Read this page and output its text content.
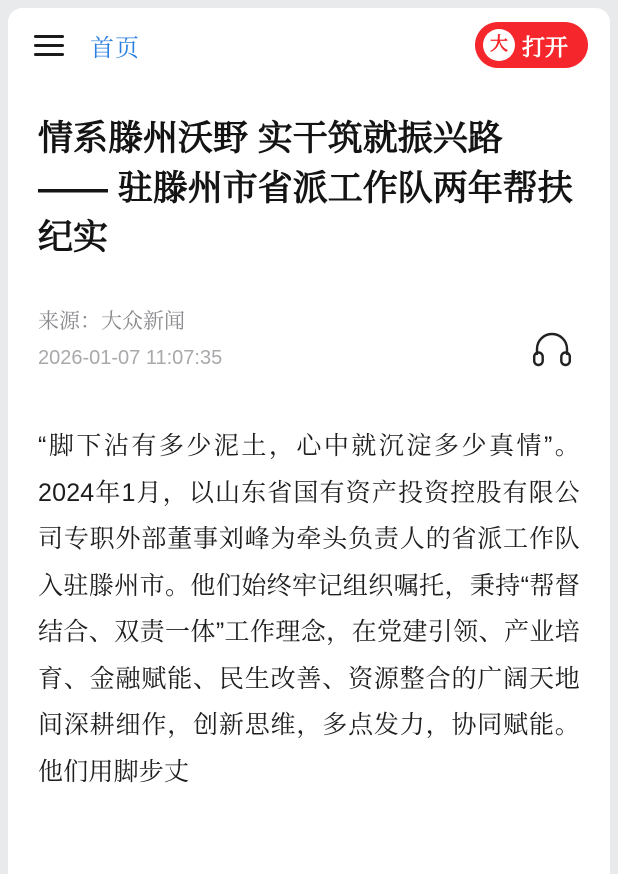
首页	大 打开
情系滕州沃野 实干筑就振兴路 —— 驻滕州市省派工作队两年帮扶纪实
来源：大众新闻
2026-01-07 11:07:35
“脚下沾有多少泥土，心中就沉淀多少真情”。2024年1月，以山东省国有资产投资控股有限公司专职外部董事刘峰为牵头负责人的省派工作队入驻滕州市。他们始终牢记组织嘱托，秉持“帮督结合、双责一体”工作理念，在党建引领、产业培育、金融赋能、民生改善、资源整合的广阔天地间深耕细作，创新思维，多点发力，协同赋能。他们用脚步丈
